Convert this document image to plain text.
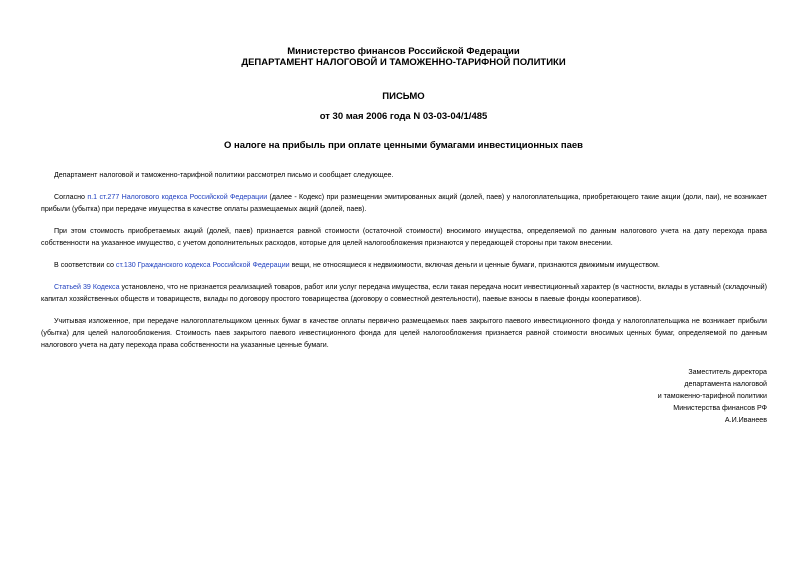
Министерство финансов Российской Федерации
ДЕПАРТАМЕНТ НАЛОГОВОЙ И ТАМОЖЕННО-ТАРИФНОЙ ПОЛИТИКИ
ПИСЬМО
от 30 мая 2006 года N 03-03-04/1/485
О налоге на прибыль при оплате ценными бумагами инвестиционных паев

Департамент налоговой и таможенно-тарифной политики рассмотрел письмо и сообщает следующее.

Согласно п.1 ст.277 Налогового кодекса Российской Федерации (далее - Кодекс) при размещении эмитированных акций (долей, паев) у налогоплательщика, приобретающего такие акции (доли, паи), не возникает прибыли (убытка) при передаче имущества в качестве оплаты размещаемых акций (долей, паев).

При этом стоимость приобретаемых акций (долей, паев) признается равной стоимости (остаточной стоимости) вносимого имущества, определяемой по данным налогового учета на дату перехода права собственности на указанное имущество, с учетом дополнительных расходов, которые для целей налогообложения признаются у передающей стороны при таком внесении.

В соответствии со ст.130 Гражданского кодекса Российской Федерации вещи, не относящиеся к недвижимости, включая деньги и ценные бумаги, признаются движимым имуществом.

Статьей 39 Кодекса установлено, что не признается реализацией товаров, работ или услуг передача имущества, если такая передача носит инвестиционный характер (в частности, вклады в уставный (складочный) капитал хозяйственных обществ и товариществ, вклады по договору простого товарищества (договору о совместной деятельности), паевые взносы в паевые фонды кооперативов).

Учитывая изложенное, при передаче налогоплательщиком ценных бумаг в качестве оплаты первично размещаемых паев закрытого паевого инвестиционного фонда у налогоплательщика не возникает прибыли (убытка) для целей налогообложения. Стоимость паев закрытого паевого инвестиционного фонда для целей налогообложения признается равной стоимости вносимых ценных бумаг, определяемой по данным налогового учета на дату перехода права собственности на указанные ценные бумаги.

Заместитель директора
департамента налоговой
и таможенно-тарифной политики
Министерства финансов РФ
А.И.Иванеев
